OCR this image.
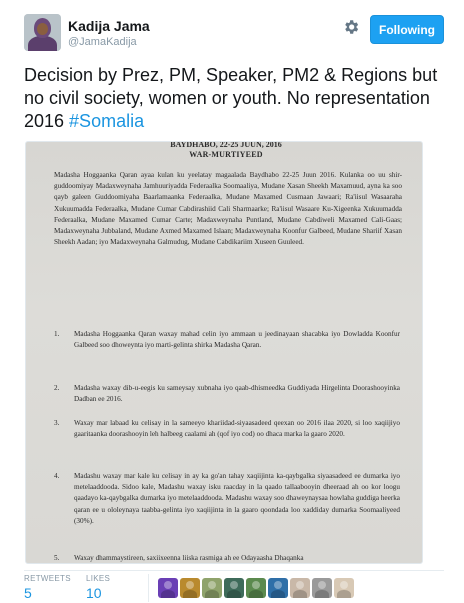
Kadija Jama
@JamaKadija
Following
Decision by Prez, PM, Speaker, PM2 & Regions but no civil society, women or youth. No representation 2016 #Somalia
BAYDHABO, 22-25 JUUN, 2016
WAR-MURTIYEED
Madasha Hoggaanka Qaran ayaa kulan ku yeelatay magaalada Baydhabo 22-25 Juun 2016. Kulanka oo uu shir-guddoomiyay Madaxweynaha Jamhuuriyadda Federaalka Soomaaliya, Mudane Xasan Sheekh Maxamuud, ayna ka soo qayb galeen Guddoomiyaha Baarlamaanka Federaalka, Mudane Maxamed Cusmaan Jawaari; Ra'iisul Wasaaraha Xukuumadda Federaalka, Mudane Cumar Cabdirashiid Cali Sharmaarke; Ra'iisul Wasaare Ku-Xigeenka Xukuumadda Federaalka, Mudane Maxamed Cumar Carte; Madaxweynaha Puntland, Mudane Cabdiweli Maxamed Cali-Gaas; Madaxweynaha Jubbaland, Mudane Axmed Maxamed Islaan; Madaxweynaha Koonfur Galbeed, Mudane Shariif Xasan Sheekh Aadan; iyo Madaxweynaha Galmudug, Mudane Cabdikariim Xuseen Guuleed.
1.	Madasha Hoggaanka Qaran waxay mahad celin iyo ammaan u jeedinayaan shacabka iyo Dowladda Koonfur Galbeed soo dhoweynta iyo marti-gelinta shirka Madasha Qaran.
2.	Madasha waxay dib-u-eegis ku sameysay xubnaha iyo qaab-dhismeedka Guddiyada Hirgelinta Doorashooyinka Dadban ee 2016.
3.	Waxay mar labaad ku celisay in la sameeyo khariidad-siyaasadeed qeexan oo 2016 ilaa 2020, si loo xaqiijiyo gaaritaanka doorashooyin leh halbeeg caalami ah (qof iyo cod) oo dhaca marka la gaaro 2020.
4.	Madashu waxay mar kale ku celisay in ay ka go'an tahay xaqiijinta ka-qaybgalka siyaasadeed ee dumarka iyo metelaaddooda. Sidoo kale, Madashu waxay isku raacday in la qaado tallaabooyin dheeraad ah oo kor loogu qaadayo ka-qaybgalka dumarka iyo metelaaddooda. Madashu waxay soo dhaweynaysaa howlaha guddiga heerka qaran ee u ololeynaya taabba-gelinta iyo xaqiijinta in la gaaro qoondada loo xaddiday dumarka Soomaaliyeed (30%).
5.	Waxay dhammaystireen, saxiixeenna liiska rasmiga ah ee Odayaasha Dhaqanka
RETWEETS
5
LIKES
10
